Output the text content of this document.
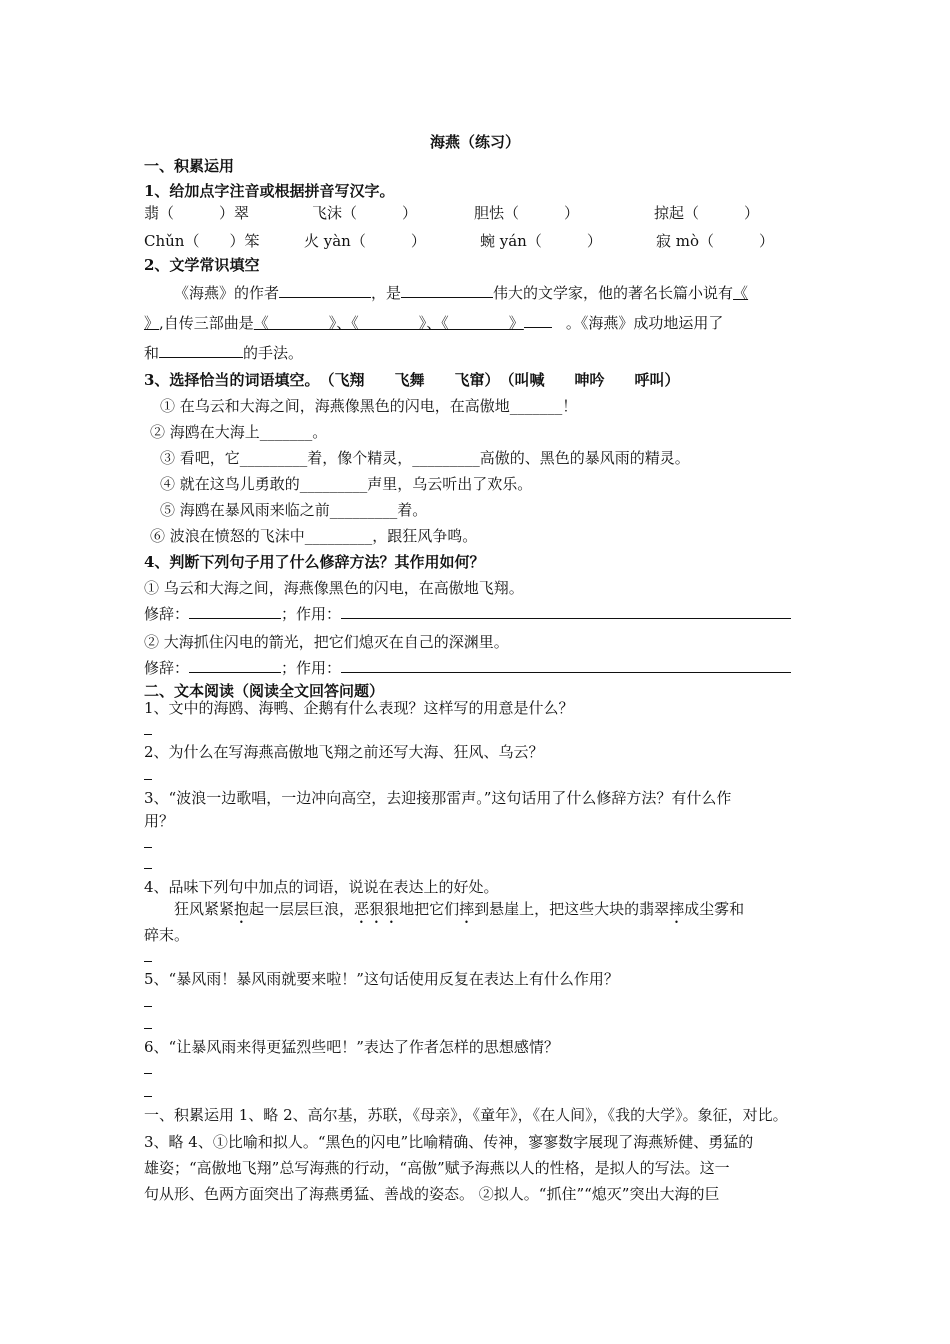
海燕（练习）
一、积累运用
1、给加点字注音或根据拼音写汉字。
翡（　　　）翠	飞沫（　　　）	胆怯（　　　）	掠起（　　　）
Chǔn（　　）笨	火 yàn（　　　）	蜿 yán（　　　）	寂 mò（　　　）
2、文学常识填空
《海燕》的作者	，是	伟大的文学家，他的著名长篇小说有《
》,自传三部曲是《　　　　》、《　　　　》、《　　　　》	。《海燕》成功地运用了
和	的手法。
3、选择恰当的词语填空。　（飞翔　　飞舞　　飞窜）　（叫喊　　呻吟　　呼叫）
① 在乌云和大海之间，海燕像黑色的闪电，在高傲地_______！
② 海鸥在大海上_______。
③ 看吧，它_________着，像个精灵，_________高傲的、黑色的暴风雨的精灵。
④ 就在这鸟儿勇敢的_________声里，乌云听出了欢乐。
⑤ 海鸥在暴风雨来临之前_________着。
⑥ 波浪在愤怒的飞沫中_________，跟狂风争鸣。
4、判断下列句子用了什么修辞方法？其作用如何？
① 乌云和大海之间，海燕像黑色的闪电，在高傲地飞翔。
修辞：	；作用：
② 大海抓住闪电的箭光，把它们熄灭在自己的深渊里。
修辞：	；作用：
二、文本阅读（阅读全文回答问题）
1、文中的海鸥、海鸭、企鹅有什么表现？这样写的用意是什么？
2、为什么在写海燕高傲地飞翔之前还写大海、狂风、乌云？
3、“波浪一边歌唱，一边冲向高空，去迎接那雷声。”这句话用了什么修辞方法？有什么作
用？
4、品味下列句中加点的词语，说说在表达上的好处。
狂风紧紧抱起一层层巨浪，恶狠狠地把它们摔到悬崖上，把这些大块的翡翠摔成尘雾和
碎末。
5、“暴风雨！暴风雨就要来啦！”这句话使用反复在表达上有什么作用？
6、“让暴风雨来得更猛烈些吧！”表达了作者怎样的思想感情？
一、积累运用 1、略 2、高尔基，苏联，《母亲》，《童年》，《在人间》，《我的大学》。象征，对比。
3、略 4、①比喻和拟人。“黑色的闪电”比喻精确、传神，寥寥数字展现了海燕矫健、勇猛的
雄姿；“高傲地飞翔”总写海燕的行动，“高傲”赋予海燕以人的性格，是拟人的写法。这一
句从形、色两方面突出了海燕勇猛、善战的姿态。 ②拟人。“抓住”“熄灭”突出大海的巨
